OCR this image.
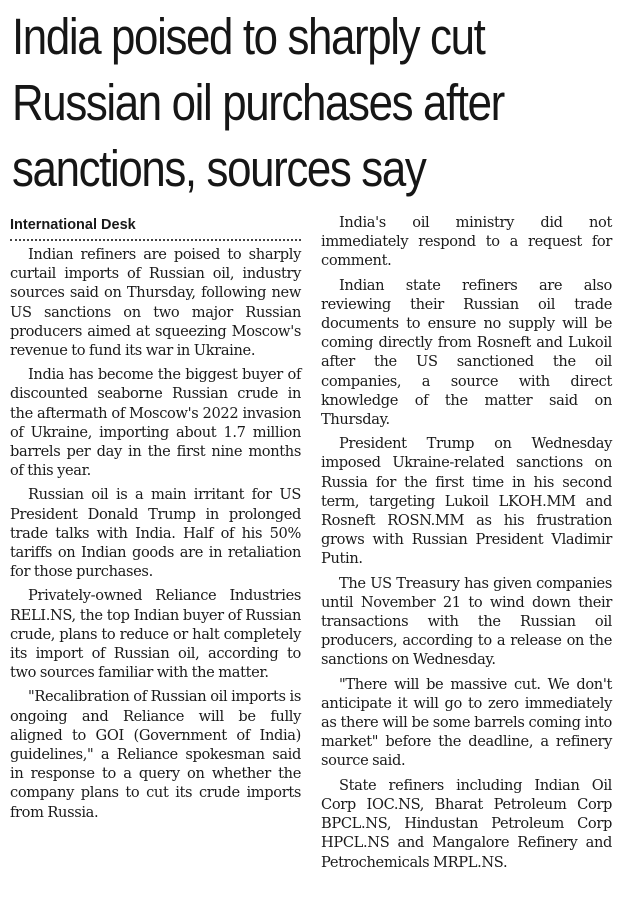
India poised to sharply cut Russian oil purchases after sanctions, sources say
International Desk

Indian refiners are poised to sharply curtail imports of Russian oil, industry sources said on Thursday, following new US sanctions on two major Russian producers aimed at squeezing Moscow's revenue to fund its war in Ukraine.

India has become the biggest buyer of discounted seaborne Russian crude in the aftermath of Moscow's 2022 invasion of Ukraine, importing about 1.7 million barrels per day in the first nine months of this year.

Russian oil is a main irritant for US President Donald Trump in prolonged trade talks with India. Half of his 50% tariffs on Indian goods are in retaliation for those purchases.

Privately-owned Reliance Industries RELI.NS, the top Indian buyer of Russian crude, plans to reduce or halt completely its import of Russian oil, according to two sources familiar with the matter.

"Recalibration of Russian oil imports is ongoing and Reliance will be fully aligned to GOI (Government of India) guidelines," a Reliance spokesman said in response to a query on whether the company plans to cut its crude imports from Russia.

India's oil ministry did not immediately respond to a request for comment.

Indian state refiners are also reviewing their Russian oil trade documents to ensure no supply will be coming directly from Rosneft and Lukoil after the US sanctioned the oil companies, a source with direct knowledge of the matter said on Thursday.

President Trump on Wednesday imposed Ukraine-related sanctions on Russia for the first time in his second term, targeting Lukoil LKOH.MM and Rosneft ROSN.MM as his frustration grows with Russian President Vladimir Putin.

The US Treasury has given companies until November 21 to wind down their transactions with the Russian oil producers, according to a release on the sanctions on Wednesday.

"There will be massive cut. We don't anticipate it will go to zero immediately as there will be some barrels coming into market" before the deadline, a refinery source said.

State refiners including Indian Oil Corp IOC.NS, Bharat Petroleum Corp BPCL.NS, Hindustan Petroleum Corp HPCL.NS and Mangalore Refinery and Petrochemicals MRPL.NS.
